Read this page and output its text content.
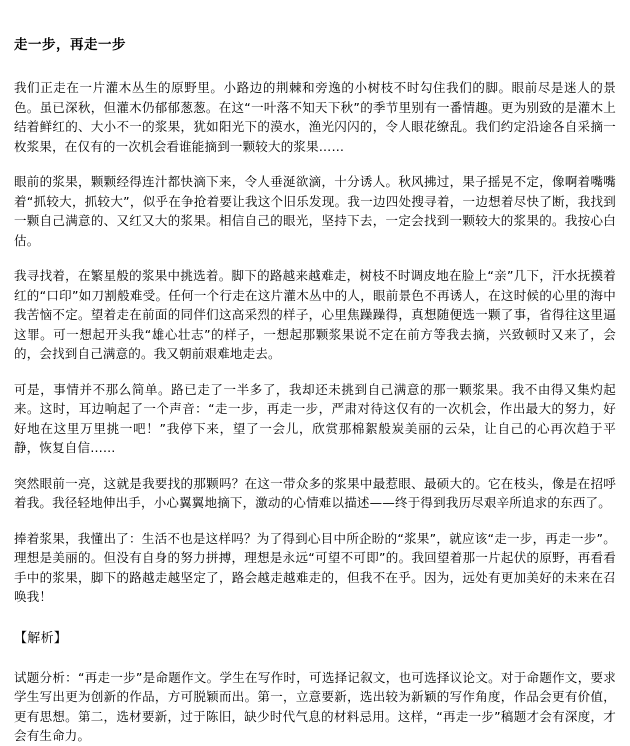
走一步，再走一步

我们正走在一片灌木丛生的原野里。小路边的荆棘和旁逸的小树枝不时勾住我们的脚。眼前尽是迷人的景色。虽已深秋，但灌木仍郁郁葱葱。在这“一叶落不知天下秋”的季节里别有一番情趣。更为别致的是灌木上结着鲜红的、大小不一的浆果，犹如阳光下的漠水，渔光闪闪的，令人眼花缭乱。我们约定沿途各自采摘一枚浆果，在仅有的一次机会看谁能摘到一颗较大的浆果……

眼前的浆果，颗颗经得连汁都快滴下来，令人垂涎欲滴，十分诱人。秋风拂过，果子摇晃不定，像啊着嘴嘴着“抓较大，抓较大”，似乎在争抢着要让我这个旧乐发现。我一边四处搜寻着，一边想着尽快了断，我找到一颗自己满意的、又红又大的浆果。相信自己的眼光，坚持下去，一定会找到一颗较大的浆果的。我按心白估。

我寻找着，在繁星般的浆果中挑选着。脚下的路越来越难走，树枝不时调皮地在脸上“亲”几下，汗水抚摸着红的“口印”如刀割般难受。任何一个行走在这片灌木丛中的人，眼前景色不再诱人，在这时候的心里的海中我苦恼不定。望着走在前面的同伴们这高采烈的样子，心里焦躁躁得，真想随便选一颗了事，省得往这里逼这罪。可一想起开头我“雄心壮志”的样子，一想起那颗浆果说不定在前方等我去摘，兴致顿时又来了，会的，会找到自己满意的。我又朝前艰难地走去。

可是，事情并不那么简单。路已走了一半多了，我却还未挑到自己满意的那一颗浆果。我不由得又集灼起来。这时，耳边响起了一个声音：“走一步，再走一步，严肃对待这仅有的一次机会，作出最大的努力，好好地在这里万里挑一吧！”我停下来，望了一会儿，欣赏那棉絮般炭美丽的云朵，让自己的心再次趋于平静，恢复自信……

突然眼前一亮，这就是我要找的那颗吗？在这一带众多的浆果中最惹眼、最硕大的。它在枝头，像是在招呼着我。我径轻地伸出手，小心翼翼地摘下，激动的心情难以描述——终于得到我历尽艰辛所追求的东西了。

捧着浆果，我懂出了：生活不也是这样吗？为了得到心目中所企盼的“浆果”，就应该“走一步，再走一步”。理想是美丽的。但没有自身的努力拼搏，理想是永远“可望不可即”的。我回望着那一片起伏的原野，再看看手中的浆果，脚下的路越走越坚定了，路会越走越难走的，但我不在乎。因为，远处有更加美好的未来在召唤我！

【解析】

试题分析：“再走一步”是命题作文。学生在写作时，可选择记叙文，也可选择议论文。对于命题作文，要求学生写出更为创新的作品，方可脱颖而出。第一，立意要新，选出较为新颖的写作角度，作品会更有价值，更有思想。第二，选材要新，过于陈旧，缺少时代气息的材料忌用。这样，“再走一步”稿题才会有深度，才会有生命力。
